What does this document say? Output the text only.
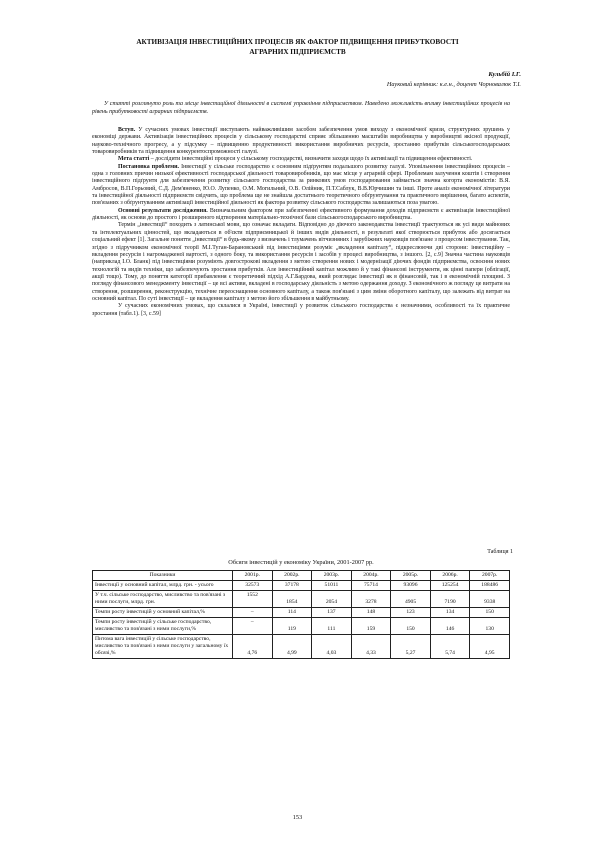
АКТИВІЗАЦІЯ ІНВЕСТИЦІЙНИХ ПРОЦЕСІВ ЯК ФАКТОР ПІДВИЩЕННЯ ПРИБУТКОВОСТІ
АГРАРНИХ ПІДПРИЄМСТВ
Кульбій І.Г.
Науковий керівник: к.е.н., доцент Чорновалюк Т.І.
У статті розглянуто роль та місце інвестиційної діяльності в системі управління підприємством. Наведено можливість впливу інвестиційних процесів на рівень прибутковості аграрних підприємств.

Вступ. У сучасних умовах інвестиції виступають найважливішим засобом забезпечення умов виходу з економічної кризи, структурних зрушень у економіці держави. Активізація інвестиційних процесів у сільському господарстві сприяє збільшенню масштабів виробництва у виробництві якісної продукції, науково-технічного прогресу, а у підсумку – підвищенню продуктивності використання виробничих ресурсів, зростанню прибутків сільськогосподарських товаровиробників та підвищення конкурентоспроможності галузі.

Мета статті – дослідити інвестиційні процеси у сільському господарстві, визначити заходи щодо їх активізації та підвищення ефективності.

Постановка проблеми. Інвестиції у сільське господарство є основним підґрунтям подальшого розвитку галузі. Уповільнення інвестиційних процесів – одна з головних причин низької ефективності господарської діяльності товаровиробників, що має місце у аграрній сфері. Проблемам залучення коштів і створення інвестиційного підґрунтя для забезпечення розвитку сільського господарства за ринкових умов господарювання займається значна когорта економістів: В.Я. Амбросов, В.П.Горьовий, С.Д. Дем'яненко, Ю.О. Лупенко, О.М. Могильний, О.В. Олійник, П.Т.Саблук, В.В.Юрчишин та інші. Проте аналіз економічної літератури та інвестиційної діяльності підприємств свідчить, що проблема ще не знайшла достатнього теоретичного обґрунтування та практичного вирішення, багато аспектів, пов'язаних з обґрунтуванням активізації інвестиційної діяльності як фактора розвитку сільського господарства залишаються поза увагою.

Основні результати дослідження. Визначальним фактором при забезпеченні ефективного формування доходів підприємств є активізація інвестиційної діяльності, як основи до простого і розширеного відтворення матеріально-технічної бази сільськогосподарського виробництва.

Термін „інвестиції“ походить з латинської мови, що означає вкладати. Відповідно до діючого законодавства інвестиції трактуються як усі види майнових та інтелектуальних цінностей, що вкладаються в об'єкти підприємницької й інших видів діяльності, в результаті якої створюється прибуток або досягається соціальний ефект [1]. Загальне поняття „інвестиції“ в будь-якому з визначень і тлумачень вітчизняних і зарубіжних науковців пов'язане з процесом інвестування. Так, згідно з підручником економічної теорії М.І.Туган-Барановський під інвестиціями розуміє „вкладення капіталу“, підкреслюючи дві сторони: інвестиційну – вкладення ресурсів і нагромадженої вартості, з одного боку, та використання ресурсів і засобів у процесі виробництва, з іншого. [2, с.9] Значна частина науковців (наприклад І.О. Бланк) під інвестиціями розуміють довгострокові вкладення з метою створення нових і модернізації діючих фондів підприємства, освоєння нових технологій та видів техніки, що забезпечують зростання прибутків. Але інвестиційний капітал можливо й у такі фінансові інструменти, як цінні папери (облігації, акції тощо). Тому, до поняття категорії прибавлення є теоретичний підхід А.Г.Бардова, який розглядає інвестиції як в фінансовій, так і в економічній площині. З погляду фінансового менеджменту інвестиції – це всі активи, вкладені в господарську діяльність з метою одержання доходу. З економічного ж погляду це витрати на створення, розширення, реконструкцію, технічне переоснащення основного капіталу, а також пов'язані з цим зміни оборотного капіталу, що залежать від витрат на основний капітал. По суті інвестиції – це вкладення капіталу з метою його збільшення в майбутньому.

У сучасних економічних умовах, що склалися в Україні, інвестиції у розвиток сільського господарства є незначними, особливості та їх практичне зростання (табл.1). [3, с.59]

Таблиця 1
Обсяги інвестицій у економіку України, 2001-2007 рр.
Показники	2001р.	2002р.	2003р.	2004р.	2005р.	2006р.	2007р.
Інвестиції у основний капітал, млрд. грн. - усього	32573	37178	51011	75714	93096	125254	188486
У т.ч. сільське господарство, мисливство та пов'язані з ними послуги, млрд. грн.	1552	1854	2054	3278	4905	7190	9338
Темпи росту інвестицій у основний капітал,%	–	114	137	148	123	134	150
Темпи росту інвестицій у сільське господарство, мисливство та пов'язані з ними послуги,%	–	119	111	159	150	146	130
Питома вага інвестицій у сільське господарство, мисливство та пов'язані з ними послуги у загальному їх обсязі,%	4,76	4,99	4,03	4,33	5,27	5,74	4,95
153
